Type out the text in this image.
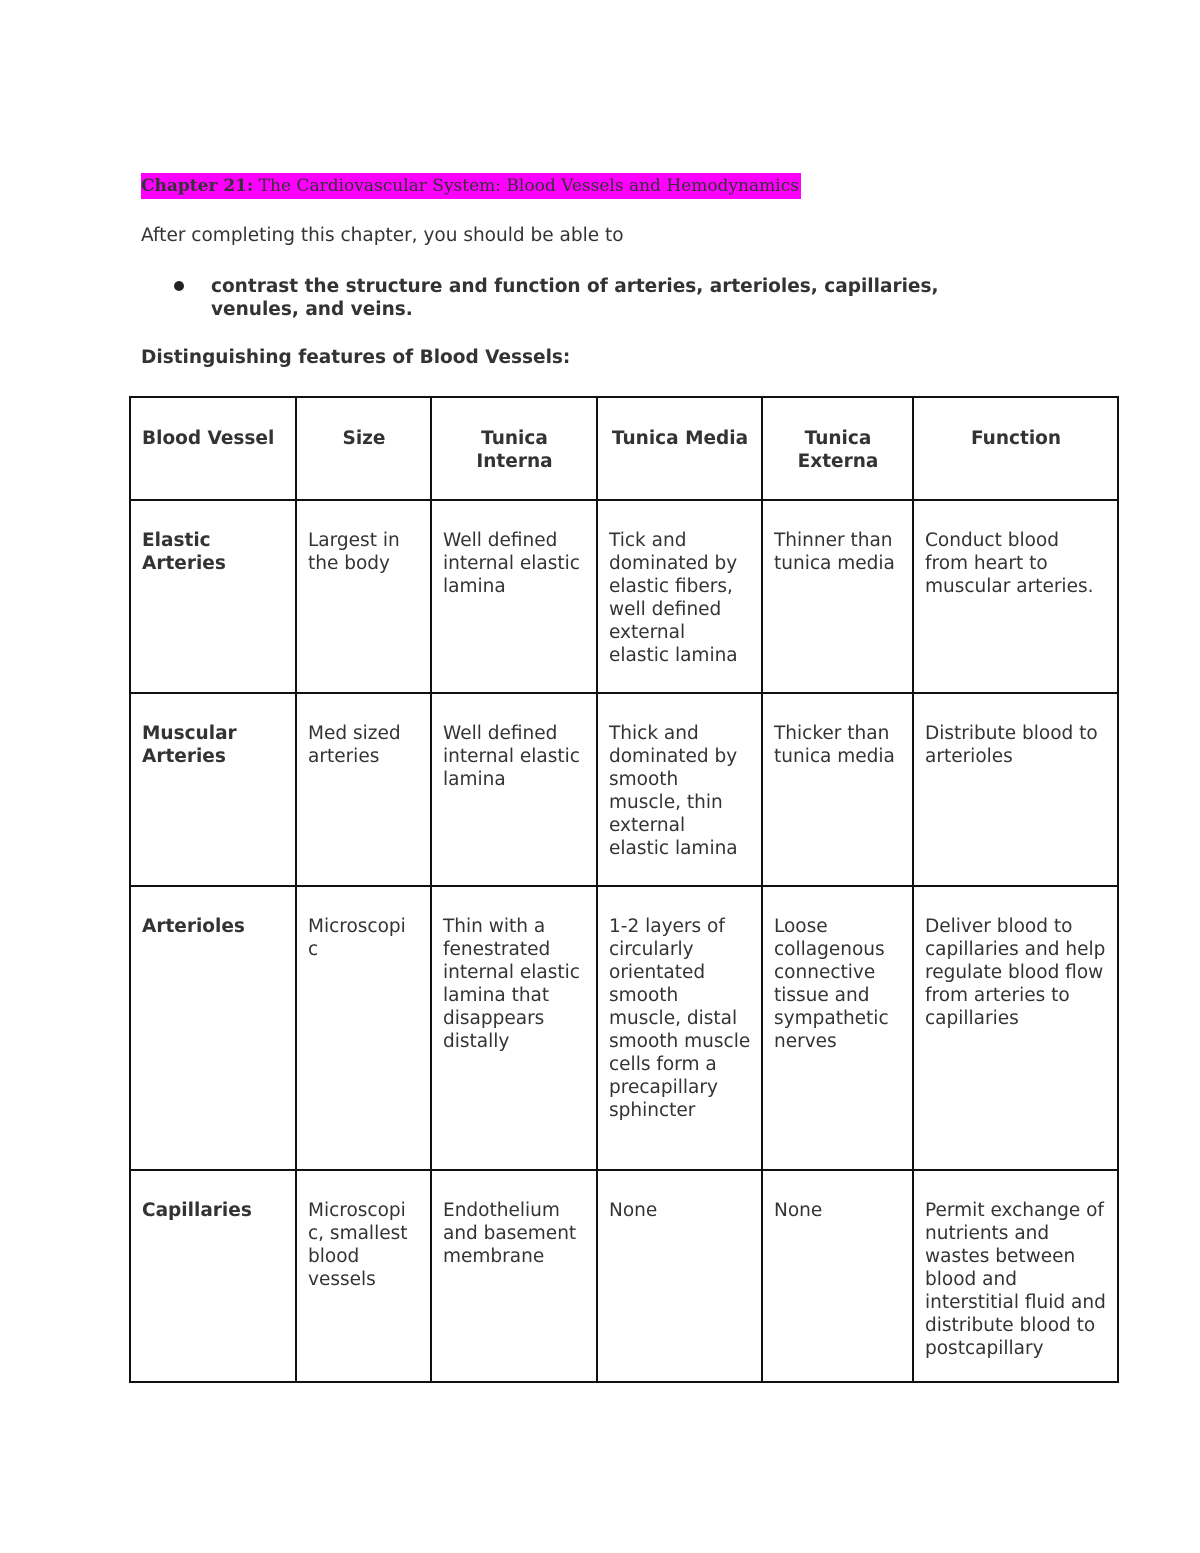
Chapter 21: The Cardiovascular System: Blood Vessels and Hemodynamics
After completing this chapter, you should be able to
contrast the structure and function of arteries, arterioles, capillaries, venules, and veins.
Distinguishing features of Blood Vessels:
Blood Vessel	Size	Tunica Interna	Tunica Media	Tunica Externa	Function
Elastic Arteries	Largest in the body	Well defined internal elastic lamina	Tick and dominated by elastic fibers, well defined external elastic lamina	Thinner than tunica media	Conduct blood from heart to muscular arteries.
Muscular Arteries	Med sized arteries	Well defined internal elastic lamina	Thick and dominated by smooth muscle, thin external elastic lamina	Thicker than tunica media	Distribute blood to arterioles
Arterioles	Microscopi c	Thin with a fenestrated internal elastic lamina that disappears distally	1-2 layers of circularly orientated smooth muscle, distal smooth muscle cells form a precapillary sphincter	Loose collagenous connective tissue and sympathetic nerves	Deliver blood to capillaries and help regulate blood flow from arteries to capillaries
Capillaries	Microscopi c, smallest blood vessels	Endothelium and basement membrane	None	None	Permit exchange of nutrients and wastes between blood and interstitial fluid and distribute blood to postcapillary
